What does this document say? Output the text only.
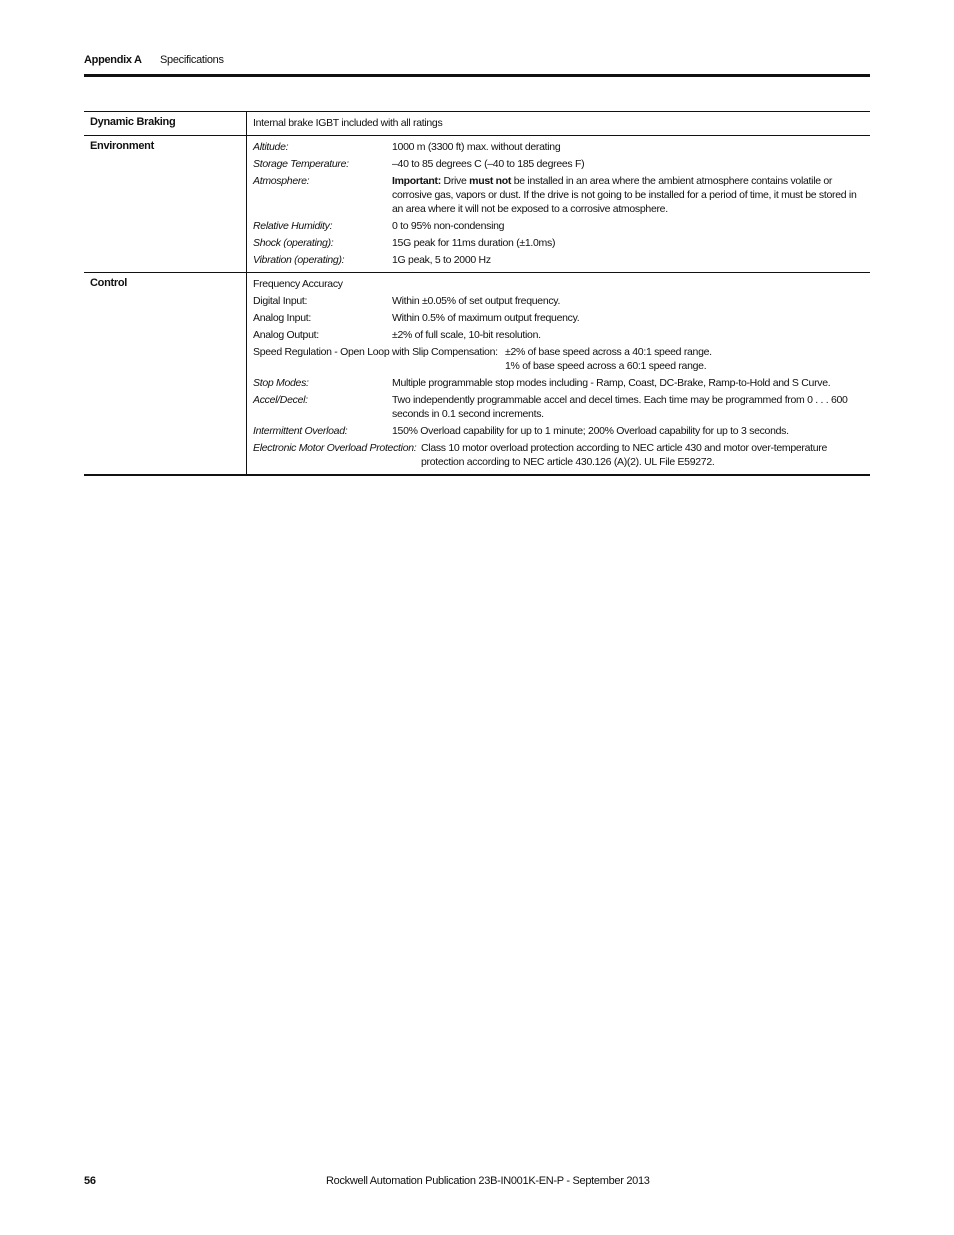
Appendix A Specifications
Dynamic Braking	Internal brake IGBT included with all ratings
Environment	Altitude:	1000 m (3300 ft) max. without derating
Storage Temperature:	–40 to 85 degrees C (–40 to 185 degrees F)
Atmosphere:	Important: Drive must not be installed in an area where the ambient atmosphere contains volatile or corrosive gas, vapors or dust. If the drive is not going to be installed for a period of time, it must be stored in an area where it will not be exposed to a corrosive atmosphere.
Relative Humidity:	0 to 95% non-condensing
Shock (operating):	15G peak for 11ms duration (±1.0ms)
Vibration (operating):	1G peak, 5 to 2000 Hz
Control	Frequency Accuracy
Digital Input:	Within ±0.05% of set output frequency.
Analog Input:	Within 0.5% of maximum output frequency.
Analog Output:	±2% of full scale, 10-bit resolution.
Speed Regulation - Open Loop with Slip Compensation: ±2% of base speed across a 40:1 speed range.
1% of base speed across a 60:1 speed range.
Stop Modes:	Multiple programmable stop modes including - Ramp, Coast, DC-Brake, Ramp-to-Hold and S Curve.
Accel/Decel:	Two independently programmable accel and decel times. Each time may be programmed from 0 . . . 600 seconds in 0.1 second increments.
Intermittent Overload:	150% Overload capability for up to 1 minute; 200% Overload capability for up to 3 seconds.
Electronic Motor Overload Protection: Class 10 motor overload protection according to NEC article 430 and motor over-temperature protection according to NEC article 430.126 (A)(2). UL File E59272.
56	Rockwell Automation Publication 23B-IN001K-EN-P - September 2013
